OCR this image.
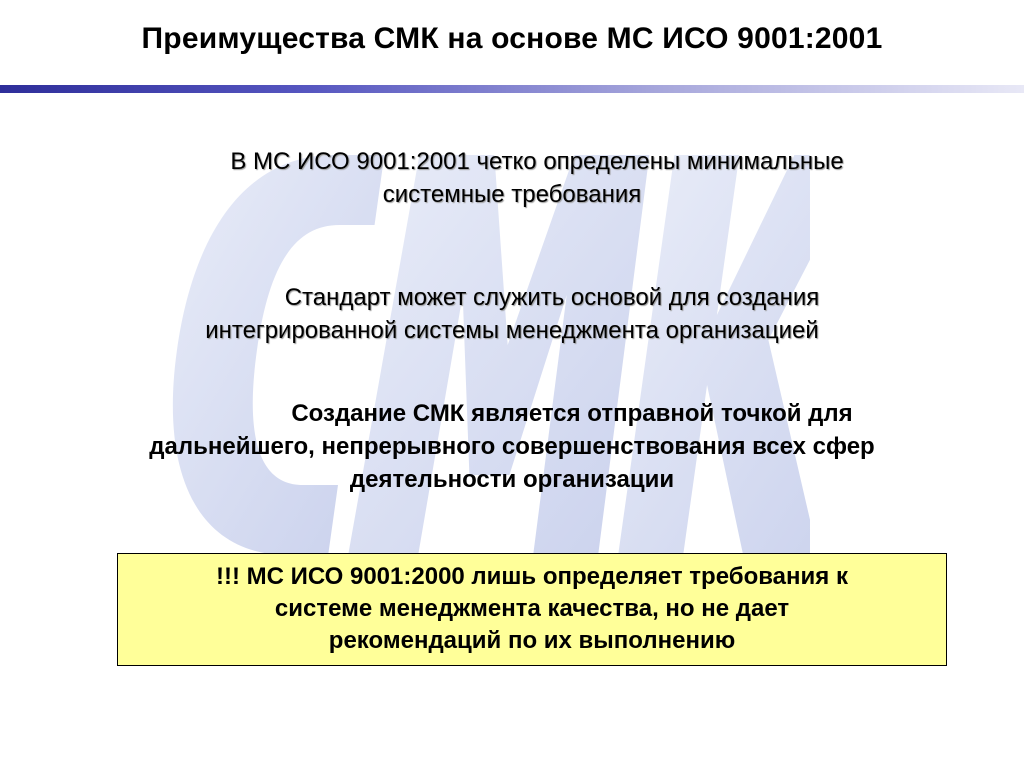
Преимущества СМК на основе МС ИСО 9001:2001
В МС ИСО 9001:2001 четко определены минимальные
системные требования
Стандарт может служить основой для создания
интегрированной системы менеджмента организацией
Создание СМК является отправной точкой для
дальнейшего, непрерывного совершенствования всех сфер
деятельности организации
!!! МС ИСО 9001:2000 лишь определяет требования к
системе менеджмента качества, но не дает
рекомендаций по их выполнению
